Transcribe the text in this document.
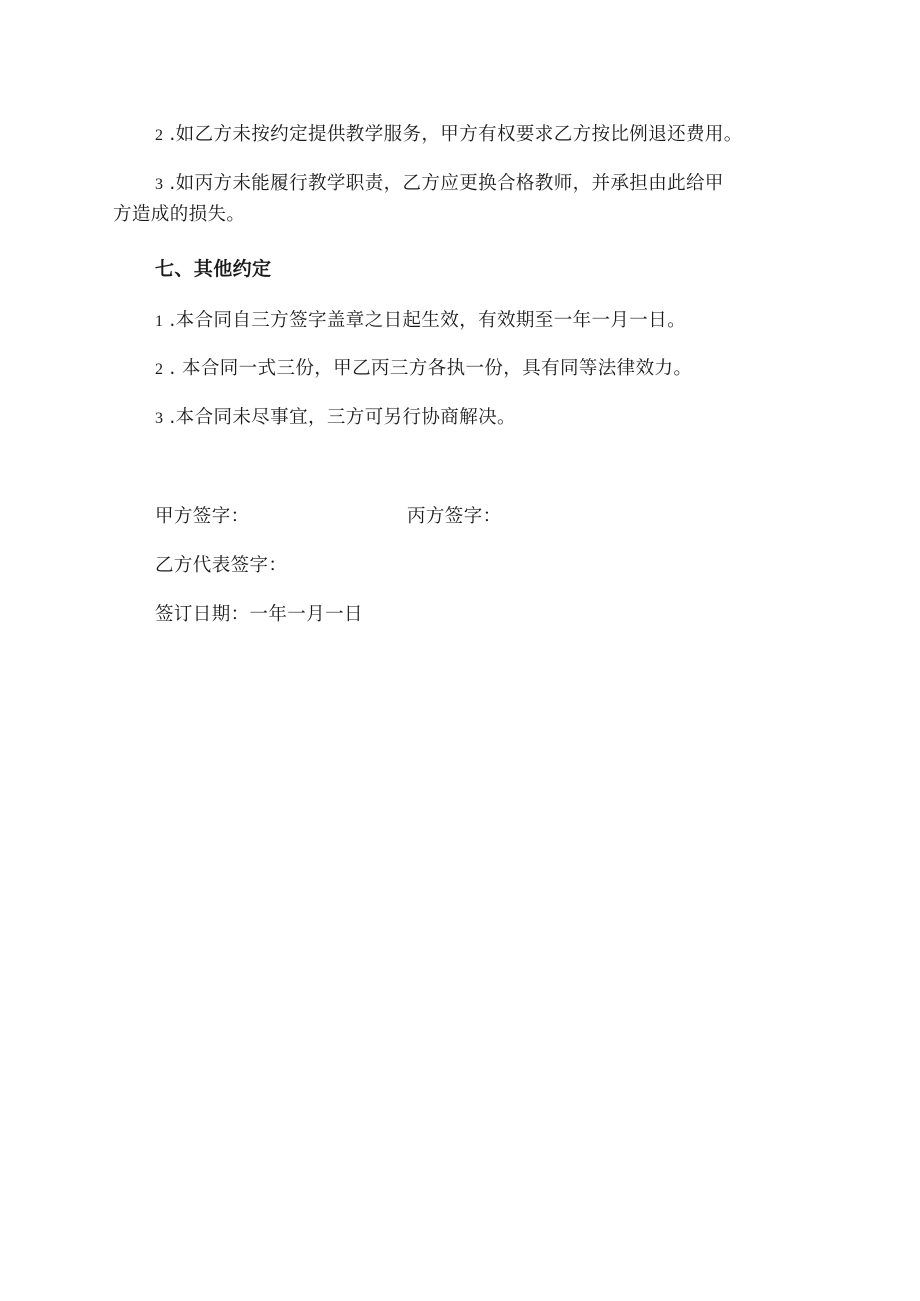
2 .如乙方未按约定提供教学服务，甲方有权要求乙方按比例退还费用。
3 .如丙方未能履行教学职责，乙方应更换合格教师，并承担由此给甲
方造成的损失。
七、其他约定
1 .本合同自三方签字盖章之日起生效，有效期至一年一月一日。
2 . 本合同一式三份，甲乙丙三方各执一份，具有同等法律效力。
3 .本合同未尽事宜，三方可另行协商解决。
甲方签字：	丙方签字：
乙方代表签字：
签订日期：一年一月一日
